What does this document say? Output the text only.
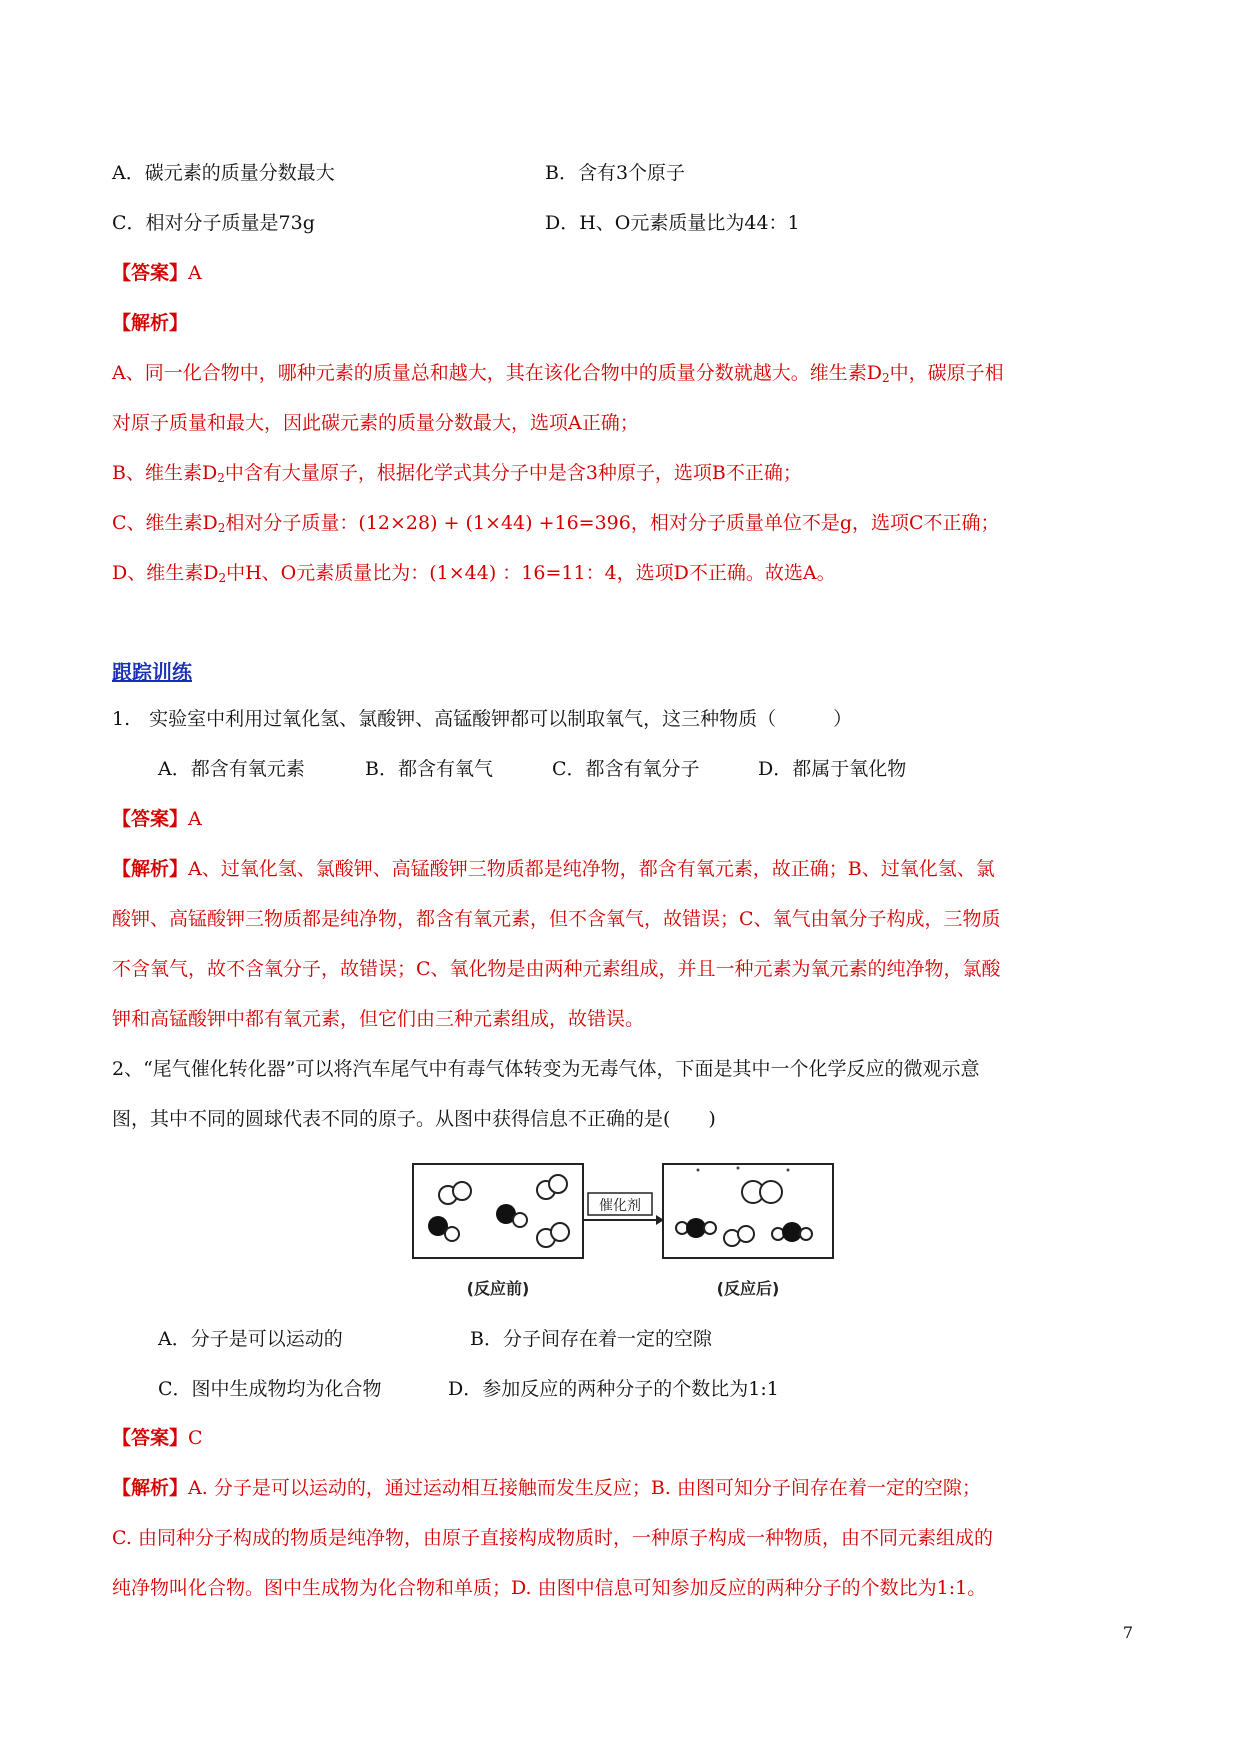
A．碳元素的质量分数最大	B．含有3个原子
C．相对分子质量是73g	D．H、O元素质量比为44：1
【答案】A
【解析】
A、同一化合物中，哪种元素的质量总和越大，其在该化合物中的质量分数就越大。维生素$D_2$中，碳原子相
对原子质量和最大，因此碳元素的质量分数最大，选项A正确；
B、维生素$D_2$中含有大量原子，根据化学式其分子中是含3种原子，选项B不正确；
C、维生素$D_2$相对分子质量：(12×28) + (1×44) +16=396，相对分子质量单位不是g，选项C不正确；
D、维生素$D_2$中H、O元素质量比为：(1×44) ：16=11：4，选项D不正确。故选A。
跟踪训练
1.　实验室中利用过氧化氢、氯酸钾、高锰酸钾都可以制取氧气，这三种物质（　　　）
A．都含有氧元素	B．都含有氧气	C．都含有氧分子	D．都属于氧化物
【答案】A
【解析】A、过氧化氢、氯酸钾、高锰酸钾三物质都是纯净物，都含有氧元素，故正确；B、过氧化氢、氯
酸钾、高锰酸钾三物质都是纯净物，都含有氧元素，但不含氧气，故错误；C、氧气由氧分子构成，三物质
不含氧气，故不含氧分子，故错误；C、氧化物是由两种元素组成，并且一种元素为氧元素的纯净物，氯酸
钾和高锰酸钾中都有氧元素，但它们由三种元素组成，故错误。
2、“尾气催化转化器”可以将汽车尾气中有毒气体转变为无毒气体，下面是其中一个化学反应的微观示意
图，其中不同的圆球代表不同的原子。从图中获得信息不正确的是(　　)
催化剂
(反应前)	(反应后)
A．分子是可以运动的	B．分子间存在着一定的空隙
C．图中生成物均为化合物	D．参加反应的两种分子的个数比为1:1
【答案】C
【解析】A. 分子是可以运动的，通过运动相互接触而发生反应；B. 由图可知分子间存在着一定的空隙；
C. 由同种分子构成的物质是纯净物，由原子直接构成物质时，一种原子构成一种物质，由不同元素组成的
纯净物叫化合物。图中生成物为化合物和单质；D. 由图中信息可知参加反应的两种分子的个数比为1:1。
7
